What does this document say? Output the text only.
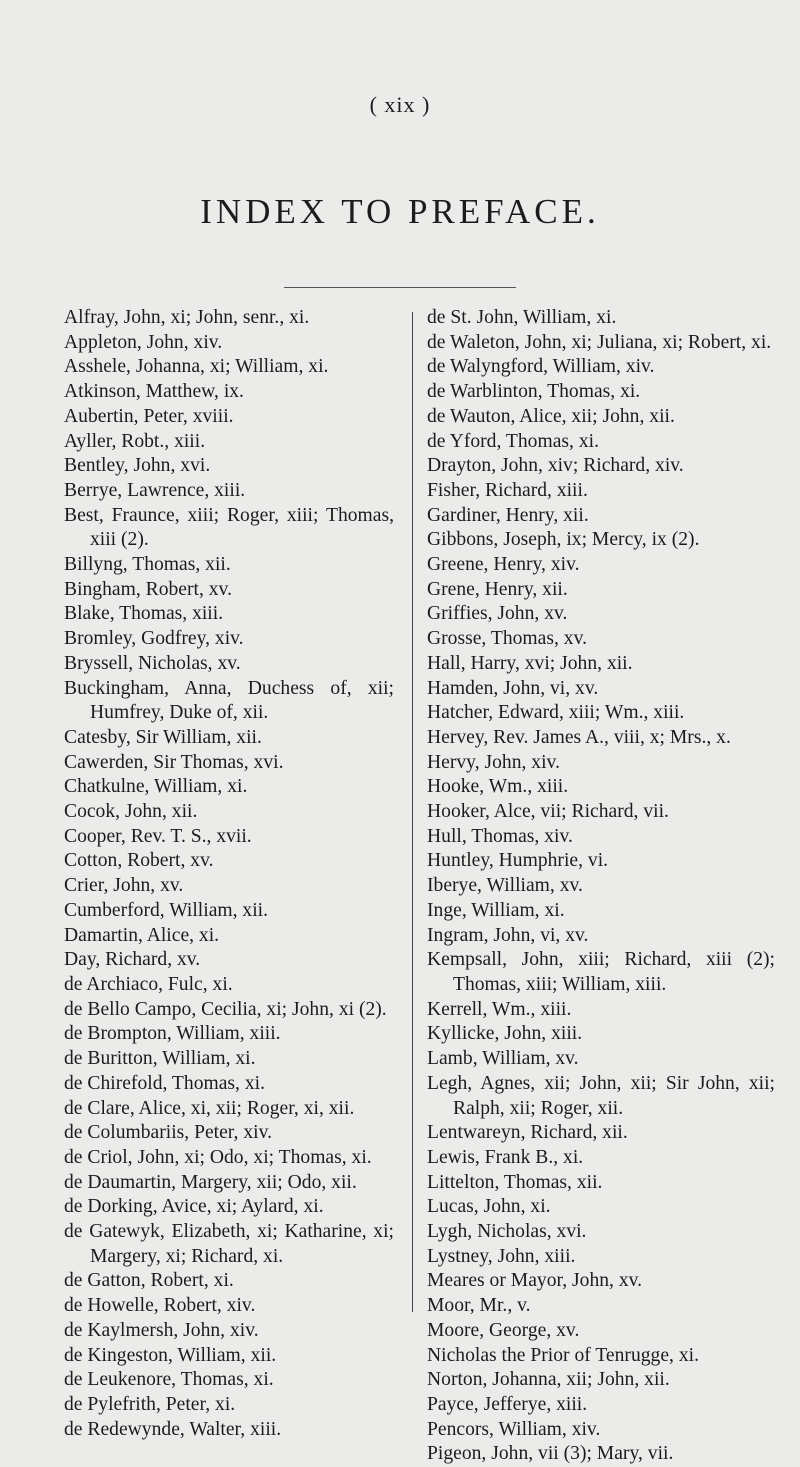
( xix )
INDEX TO PREFACE.
Alfray, John, xi; John, senr., xi.
Appleton, John, xiv.
Asshele, Johanna, xi; William, xi.
Atkinson, Matthew, ix.
Aubertin, Peter, xviii.
Ayller, Robt., xiii.
Bentley, John, xvi.
Berrye, Lawrence, xiii.
Best, Fraunce, xiii; Roger, xiii; Thomas, xiii (2).
Billyng, Thomas, xii.
Bingham, Robert, xv.
Blake, Thomas, xiii.
Bromley, Godfrey, xiv.
Bryssell, Nicholas, xv.
Buckingham, Anna, Duchess of, xii; Humfrey, Duke of, xii.
Catesby, Sir William, xii.
Cawerden, Sir Thomas, xvi.
Chatkulne, William, xi.
Cocok, John, xii.
Cooper, Rev. T. S., xvii.
Cotton, Robert, xv.
Crier, John, xv.
Cumberford, William, xii.
Damartin, Alice, xi.
Day, Richard, xv.
de Archiaco, Fulc, xi.
de Bello Campo, Cecilia, xi; John, xi (2).
de Brompton, William, xiii.
de Buritton, William, xi.
de Chirefold, Thomas, xi.
de Clare, Alice, xi, xii; Roger, xi, xii.
de Columbariis, Peter, xiv.
de Criol, John, xi; Odo, xi; Thomas, xi.
de Daumartin, Margery, xii; Odo, xii.
de Dorking, Avice, xi; Aylard, xi.
de Gatewyk, Elizabeth, xi; Katharine, xi; Margery, xi; Richard, xi.
de Gatton, Robert, xi.
de Howelle, Robert, xiv.
de Kaylmersh, John, xiv.
de Kingeston, William, xii.
de Leukenore, Thomas, xi.
de Pylefrith, Peter, xi.
de Redewynde, Walter, xiii.
de St. John, William, xi.
de Waleton, John, xi; Juliana, xi; Robert, xi.
de Walyngford, William, xiv.
de Warblinton, Thomas, xi.
de Wauton, Alice, xii; John, xii.
de Yford, Thomas, xi.
Drayton, John, xiv; Richard, xiv.
Fisher, Richard, xiii.
Gardiner, Henry, xii.
Gibbons, Joseph, ix; Mercy, ix (2).
Greene, Henry, xiv.
Grene, Henry, xii.
Griffies, John, xv.
Grosse, Thomas, xv.
Hall, Harry, xvi; John, xii.
Hamden, John, vi, xv.
Hatcher, Edward, xiii; Wm., xiii.
Hervey, Rev. James A., viii, x; Mrs., x.
Hervy, John, xiv.
Hooke, Wm., xiii.
Hooker, Alce, vii; Richard, vii.
Hull, Thomas, xiv.
Huntley, Humphrie, vi.
Iberye, William, xv.
Inge, William, xi.
Ingram, John, vi, xv.
Kempsall, John, xiii; Richard, xiii (2); Thomas, xiii; William, xiii.
Kerrell, Wm., xiii.
Kyllicke, John, xiii.
Lamb, William, xv.
Legh, Agnes, xii; John, xii; Sir John, xii; Ralph, xii; Roger, xii.
Lentwareyn, Richard, xii.
Lewis, Frank B., xi.
Littelton, Thomas, xii.
Lucas, John, xi.
Lygh, Nicholas, xvi.
Lystney, John, xiii.
Meares or Mayor, John, xv.
Moor, Mr., v.
Moore, George, xv.
Nicholas the Prior of Tenrugge, xi.
Norton, Johanna, xii; John, xii.
Payce, Jefferye, xiii.
Pencors, William, xiv.
Pigeon, John, vii (3); Mary, vii.
